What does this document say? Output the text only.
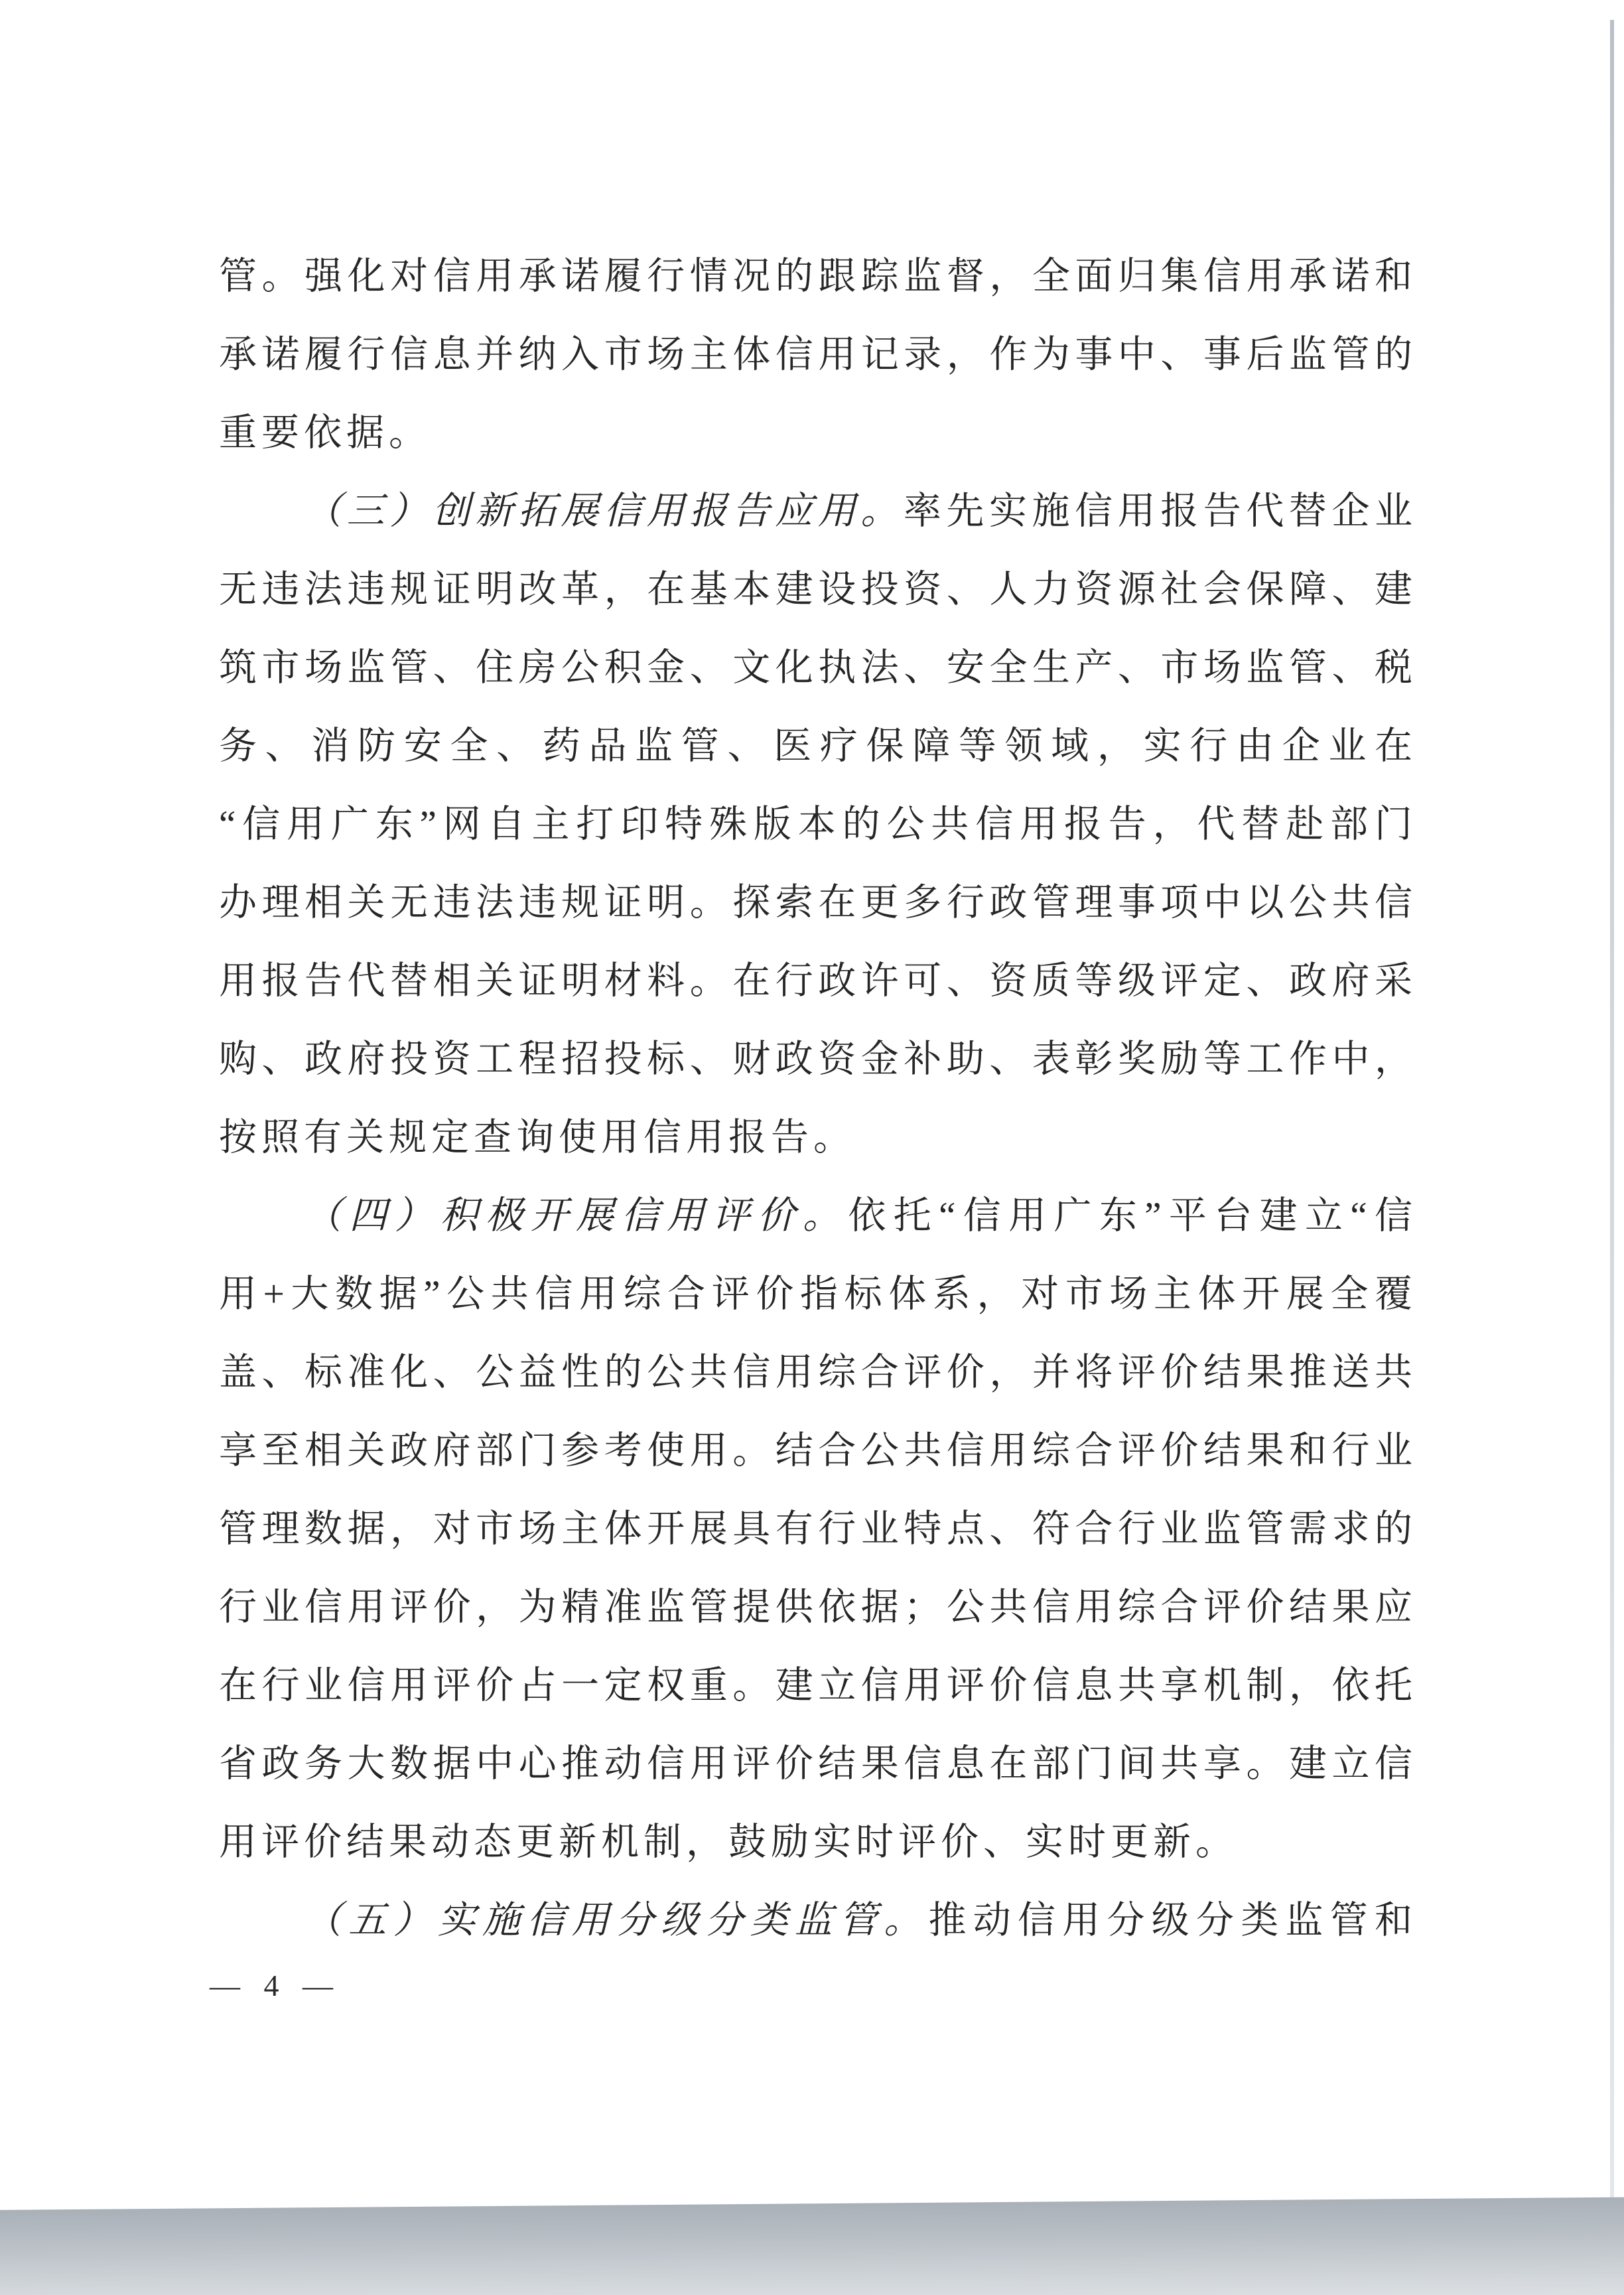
管。强化对信用承诺履行情况的跟踪监督，全面归集信用承诺和
承诺履行信息并纳入市场主体信用记录，作为事中、事后监管的
重要依据。
（三）创新拓展信用报告应用。率先实施信用报告代替企业
无违法违规证明改革，在基本建设投资、人力资源社会保障、建
筑市场监管、住房公积金、文化执法、安全生产、市场监管、税
务、消防安全、药品监管、医疗保障等领域，实行由企业在
“信用广东”网自主打印特殊版本的公共信用报告，代替赴部门
办理相关无违法违规证明。探索在更多行政管理事项中以公共信
用报告代替相关证明材料。在行政许可、资质等级评定、政府采
购、政府投资工程招投标、财政资金补助、表彰奖励等工作中，
按照有关规定查询使用信用报告。
（四）积极开展信用评价。依托“信用广东”平台建立“信
用+大数据”公共信用综合评价指标体系，对市场主体开展全覆
盖、标准化、公益性的公共信用综合评价，并将评价结果推送共
享至相关政府部门参考使用。结合公共信用综合评价结果和行业
管理数据，对市场主体开展具有行业特点、符合行业监管需求的
行业信用评价，为精准监管提供依据；公共信用综合评价结果应
在行业信用评价占一定权重。建立信用评价信息共享机制，依托
省政务大数据中心推动信用评价结果信息在部门间共享。建立信
用评价结果动态更新机制，鼓励实时评价、实时更新。
（五）实施信用分级分类监管。推动信用分级分类监管和
— 4 —
